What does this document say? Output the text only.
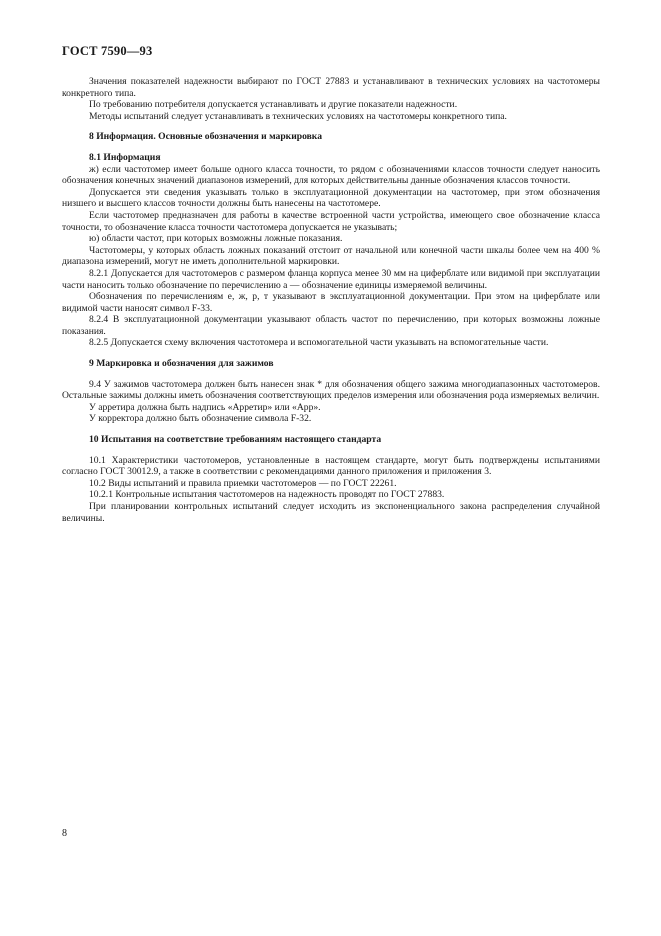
ГОСТ 7590—93

Значения показателей надежности выбирают по ГОСТ 27883 и устанавливают в технических условиях на частотомеры конкретного типа.

По требованию потребителя допускается устанавливать и другие показатели надежности.

Методы испытаний следует устанавливать в технических условиях на частотомеры конкретного типа.

8 Информация. Основные обозначения и маркировка

8.1 Информация

ж) если частотомер имеет больше одного класса точности, то рядом с обозначениями классов точности следует наносить обозначения конечных значений диапазонов измерений, для которых действительны данные обозначения классов точности.

Допускается эти сведения указывать только в эксплуатационной документации на частотомер, при этом обозначения низшего и высшего классов точности должны быть нанесены на частотомере.

Если частотомер предназначен для работы в качестве встроенной части устройства, имеющего свое обозначение класса точности, то обозначение класса точности частотомера допускается не указывать;

ю) области частот, при которых возможны ложные показания.

Частотомеры, у которых область ложных показаний отстоит от начальной или конечной части шкалы более чем на 400 % диапазона измерений, могут не иметь дополнительной маркировки.

8.2.1 Допускается для частотомеров с размером фланца корпуса менее 30 мм на циферблате или видимой при эксплуатации части наносить только обозначение по перечислению а — обозначение единицы измеряемой величины.

Обозначения по перечислениям е, ж, р, т указывают в эксплуатационной документации. При этом на циферблате или видимой части наносят символ F-33.

8.2.4 В эксплуатационной документации указывают область частот по перечислению, при которых возможны ложные показания.

8.2.5 Допускается схему включения частотомера и вспомогательной части указывать на вспомогательные части.

9 Маркировка и обозначения для зажимов

9.4 У зажимов частотомера должен быть нанесен знак * для обозначения общего зажима многодиапазонных частотомеров. Остальные зажимы должны иметь обозначения соответствующих пределов измерения или обозначения рода измеряемых величин.

У арретира должна быть надпись «Арретир» или «Арр».

У корректора должно быть обозначение символа F-32.

10 Испытания на соответствие требованиям настоящего стандарта

10.1 Характеристики частотомеров, установленные в настоящем стандарте, могут быть подтверждены испытаниями согласно ГОСТ 30012.9, а также в соответствии с рекомендациями данного приложения и приложения 3.

10.2 Виды испытаний и правила приемки частотомеров — по ГОСТ 22261.

10.2.1 Контрольные испытания частотомеров на надежность проводят по ГОСТ 27883.

При планировании контрольных испытаний следует исходить из экспоненциального закона распределения случайной величины.

8
